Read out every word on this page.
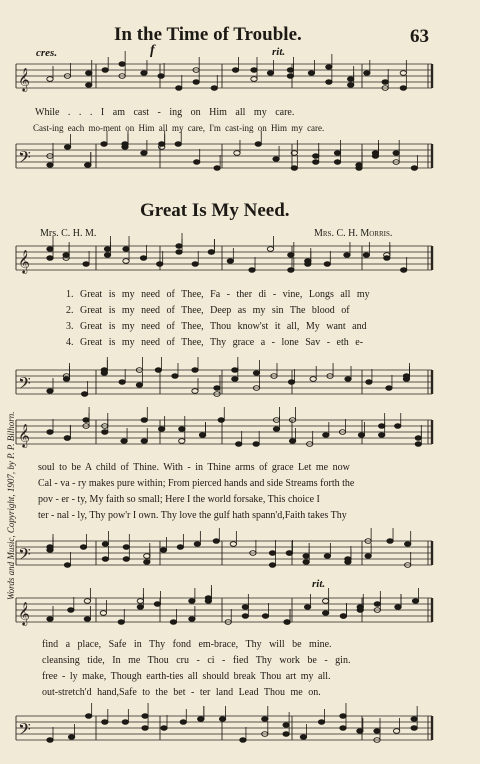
63
In the Time of Trouble.
cres.	f	rit.
𝄞
While . . . I am cast - ing on Him all my care.
Cast-ing each mo-ment on Him all my care, I'm cast-ing on Him my care.
𝄢
Great Is My Need.
Mrs. C. H. M.	Mrs. C. H. Morris.
Words and Music, Copyright, 1907, by P. P. Bilhorn.
𝄞
1. Great is my need of Thee, Fa - ther di - vine, Longs all my
2. Great is my need of Thee, Deep as my sin The blood of
3. Great is my need of Thee, Thou know'st it all, My want and
4. Great is my need of Thee, Thy grace a - lone Sav - eth e-
𝄢
𝄞
soul to be A child of Thine. With - in Thine arms of grace Let me now
Cal - va - ry makes pure within; From pierced hands and side Streams forth the
pov - er - ty, My faith so small; Here I the world forsake, This choice I
ter - nal - ly, Thy pow'r I own. Thy love the gulf hath spann'd,Faith takes Thy
𝄢
rit.
𝄞
find a place, Safe in Thy fond em-brace, Thy will be mine.
cleansing tide, In me Thou cru - ci - fied Thy work be - gin.
free - ly make, Though earth-ties all should break Thou art my all.
out-stretch'd hand,Safe to the bet - ter land Lead Thou me on.
𝄢
